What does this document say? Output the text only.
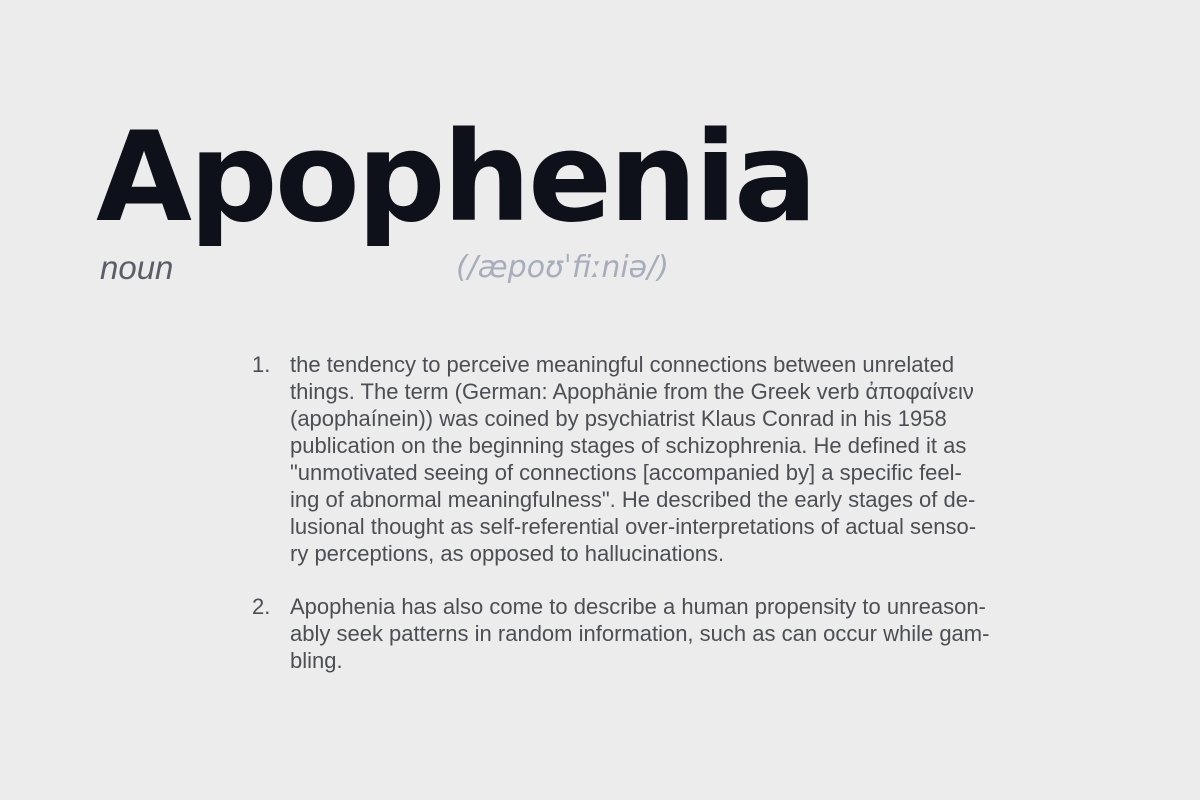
Apophenia
noun	(/æpoʊˈfiːniə/)
1. the tendency to perceive meaningful connections between unrelated
things. The term (German: Apophänie from the Greek verb ἀποφαίνειν
(apophaínein)) was coined by psychiatrist Klaus Conrad in his 1958
publication on the beginning stages of schizophrenia. He defined it as
"unmotivated seeing of connections [accompanied by] a specific feel-
ing of abnormal meaningfulness". He described the early stages of de-
lusional thought as self-referential over-interpretations of actual senso-
ry perceptions, as opposed to hallucinations.
2. Apophenia has also come to describe a human propensity to unreason-
ably seek patterns in random information, such as can occur while gam-
bling.
